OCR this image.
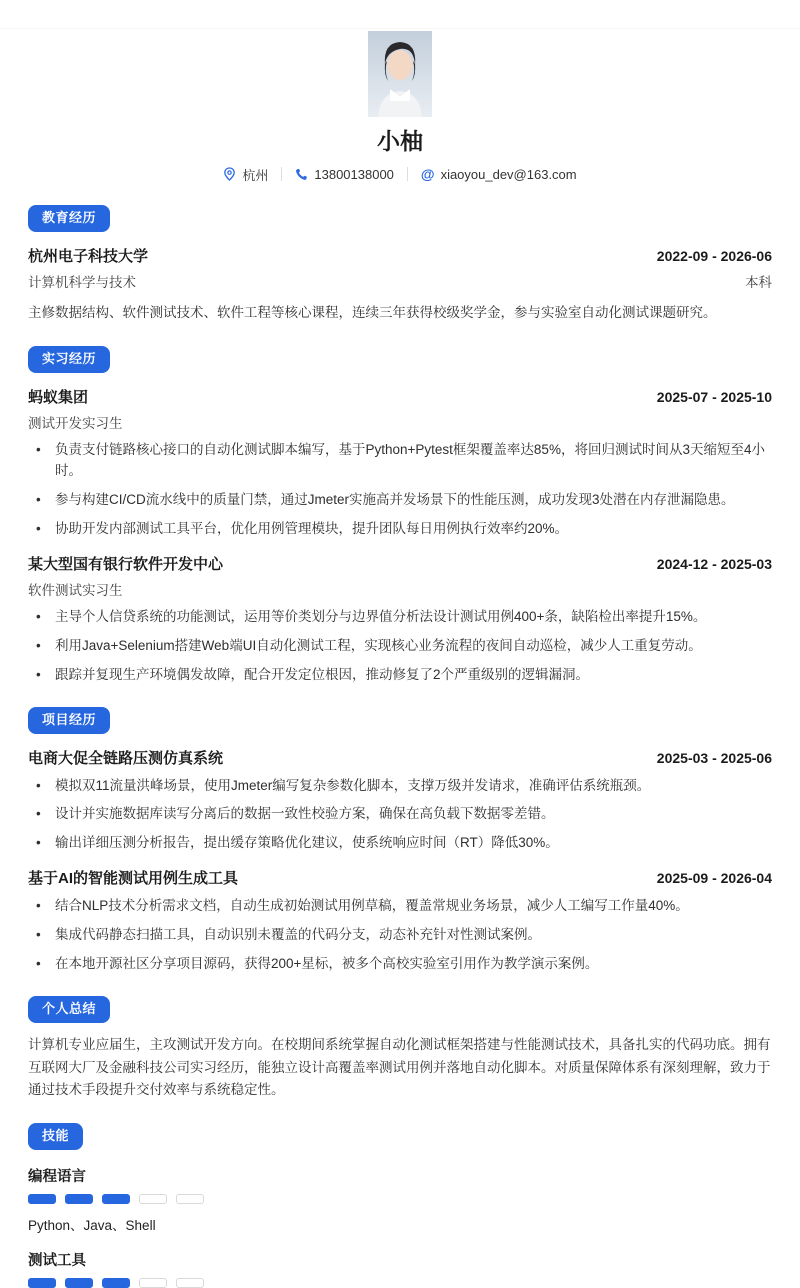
小柚
杭州	13800138000 @ xiaoyou_dev@163.com
教育经历
杭州电子科技大学	2022-09 - 2026-06
计算机科学与技术	本科
主修数据结构、软件测试技术、软件工程等核心课程，连续三年获得校级奖学金，参与实验室自动化测试课题研究。
实习经历
蚂蚁集团	2025-07 - 2025-10
测试开发实习生
• 负责支付链路核心接口的自动化测试脚本编写，基于Python+Pytest框架覆盖率达85%，将回归测试时间从3天缩短至4小时。
• 参与构建CI/CD流水线中的质量门禁，通过Jmeter实施高并发场景下的性能压测，成功发现3处潜在内存泄漏隐患。
• 协助开发内部测试工具平台，优化用例管理模块，提升团队每日用例执行效率约20%。
某大型国有银行软件开发中心	2024-12 - 2025-03
软件测试实习生
• 主导个人信贷系统的功能测试，运用等价类划分与边界值分析法设计测试用例400+条，缺陷检出率提升15%。
• 利用Java+Selenium搭建Web端UI自动化测试工程，实现核心业务流程的夜间自动巡检，减少人工重复劳动。
• 跟踪并复现生产环境偶发故障，配合开发定位根因，推动修复了2个严重级别的逻辑漏洞。
项目经历
电商大促全链路压测仿真系统	2025-03 - 2025-06
• 模拟双11流量洪峰场景，使用Jmeter编写复杂参数化脚本，支撑万级并发请求，准确评估系统瓶颈。
• 设计并实施数据库读写分离后的数据一致性校验方案，确保在高负载下数据零差错。
• 输出详细压测分析报告，提出缓存策略优化建议，使系统响应时间（RT）降低30%。
基于AI的智能测试用例生成工具	2025-09 - 2026-04
• 结合NLP技术分析需求文档，自动生成初始测试用例草稿，覆盖常规业务场景，减少人工编写工作量40%。
• 集成代码静态扫描工具，自动识别未覆盖的代码分支，动态补充针对性测试案例。
• 在本地开源社区分享项目源码，获得200+星标，被多个高校实验室引用作为教学演示案例。
个人总结
计算机专业应届生，主攻测试开发方向。在校期间系统掌握自动化测试框架搭建与性能测试技术，具备扎实的代码功底。拥有互联网大厂及金融科技公司实习经历，能独立设计高覆盖率测试用例并落地自动化脚本。对质量保障体系有深刻理解，致力于通过技术手段提升交付效率与系统稳定性。
技能
编程语言
Python、Java、Shell
测试工具
